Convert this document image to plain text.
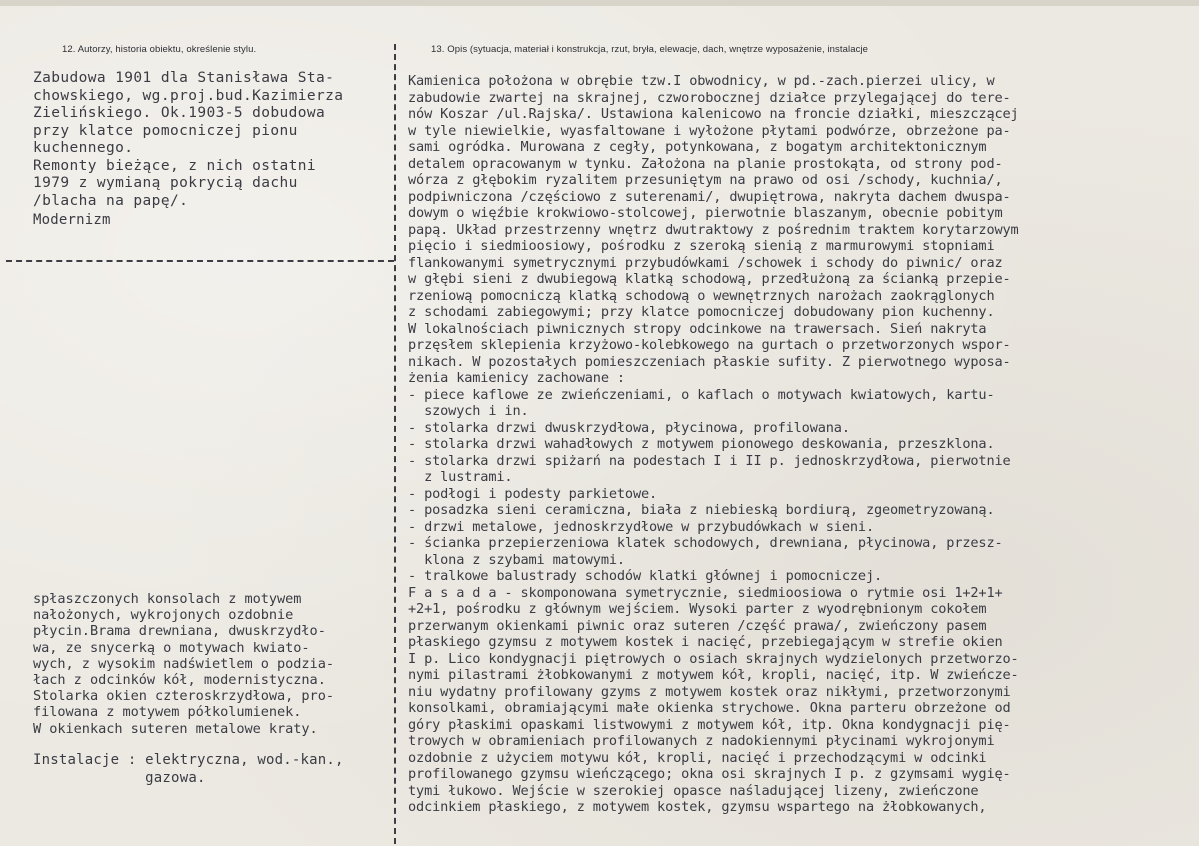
12. Autorzy, historia obiektu, określenie stylu.	13. Opis (sytuacja, materiał i konstrukcja, rzut, bryła, elewacje, dach, wnętrze wyposażenie, instalacje
Zabudowa 1901 dla Stanisława Sta-
chowskiego, wg.proj.bud.Kazimierza
Zielińskiego. Ok.1903-5 dobudowa
przy klatce pomocniczej pionu
kuchennego.
Remonty bieżące, z nich ostatni
1979 z wymianą pokrycią dachu
/blacha na papę/.
Modernizm
spłaszczonych konsolach z motywem
nałożonych, wykrojonych ozdobnie
płycin.Brama drewniana, dwuskrzydło-
wa, ze snycerką o motywach kwiato-
wych, z wysokim nadświetlem o podzia-
łach z odcinków kół, modernistyczna.
Stolarka okien czteroskrzydłowa, pro-
filowana z motywem półkolumienek.
W okienkach suteren metalowe kraty.
Instalacje : elektryczna, wod.-kan.,
gazowa.
Kamienica położona w obrębie tzw.I obwodnicy, w pd.-zach.pierzei ulicy, w
zabudowie zwartej na skrajnej, czworobocznej działce przylegającej do tere-
nów Koszar /ul.Rajska/. Ustawiona kalenicowo na froncie działki, mieszczącej
w tyle niewielkie, wyasfaltowane i wyłożone płytami podwórze, obrzeżone pa-
sami ogródka. Murowana z cegły, potynkowana, z bogatym architektonicznym
detalem opracowanym w tynku. Założona na planie prostokąta, od strony pod-
wórza z głębokim ryzalitem przesuniętym na prawo od osi /schody, kuchnia/,
podpiwniczona /częściowo z suterenami/, dwupiętrowa, nakryta dachem dwuspa-
dowym o więźbie krokwiowo-stolcowej, pierwotnie blaszanym, obecnie pobitym
papą. Układ przestrzenny wnętrz dwutraktowy z pośrednim traktem korytarzowym
pięcio i siedmioosiowy, pośrodku z szeroką sienią z marmurowymi stopniami
flankowanymi symetrycznymi przybudówkami /schowek i schody do piwnic/ oraz
w głębi sieni z dwubiegową klatką schodową, przedłużoną za ścianką przepie-
rzeniową pomocniczą klatką schodową o wewnętrznych narożach zaokrąglonych
z schodami zabiegowymi; przy klatce pomocniczej dobudowany pion kuchenny.
W lokalnościach piwnicznych stropy odcinkowe na trawersach. Sień nakryta
przęsłem sklepienia krzyżowo-kolebkowego na gurtach o przetworzonych wspor-
nikach. W pozostałych pomieszczeniach płaskie sufity. Z pierwotnego wyposa-
żenia kamienicy zachowane :
- piece kaflowe ze zwieńczeniami, o kaflach o motywach kwiatowych, kartu-
szowych i in.
- stolarka drzwi dwuskrzydłowa, płycinowa, profilowana.
- stolarka drzwi wahadłowych z motywem pionowego deskowania, przeszklona.
- stolarka drzwi spiżarń na podestach I i II p. jednoskrzydłowa, pierwotnie
z lustrami.
- podłogi i podesty parkietowe.
- posadzka sieni ceramiczna, biała z niebieską bordiurą, zgeometryzowaną.
- drzwi metalowe, jednoskrzydłowe w przybudówkach w sieni.
- ścianka przepierzeniowa klatek schodowych, drewniana, płycinowa, przesz-
klona z szybami matowymi.
- tralkowe balustrady schodów klatki głównej i pomocniczej.
F a s a d a - skomponowana symetrycznie, siedmioosiowa o rytmie osi 1+2+1+
+2+1, pośrodku z głównym wejściem. Wysoki parter z wyodrębnionym cokołem
przerwanym okienkami piwnic oraz suteren /część prawa/, zwieńczony pasem
płaskiego gzymsu z motywem kostek i nacięć, przebiegającym w strefie okien
I p. Lico kondygnacji piętrowych o osiach skrajnych wydzielonych przetworzo-
nymi pilastrami żłobkowanymi z motywem kół, kropli, nacięć, itp. W zwieńcze-
niu wydatny profilowany gzyms z motywem kostek oraz nikłymi, przetworzonymi
konsolkami, obramiającymi małe okienka strychowe. Okna parteru obrzeżone od
góry płaskimi opaskami listwowymi z motywem kół, itp. Okna kondygnacji pię-
trowych w obramieniach profilowanych z nadokiennymi płycinami wykrojonymi
ozdobnie z użyciem motywu kół, kropli, nacięć i przechodzącymi w odcinki
profilowanego gzymsu wieńczącego; okna osi skrajnych I p. z gzymsami wygię-
tymi łukowo. Wejście w szerokiej opasce naśladującej lizeny, zwieńczone
odcinkiem płaskiego, z motywem kostek, gzymsu wspartego na żłobkowanych,
